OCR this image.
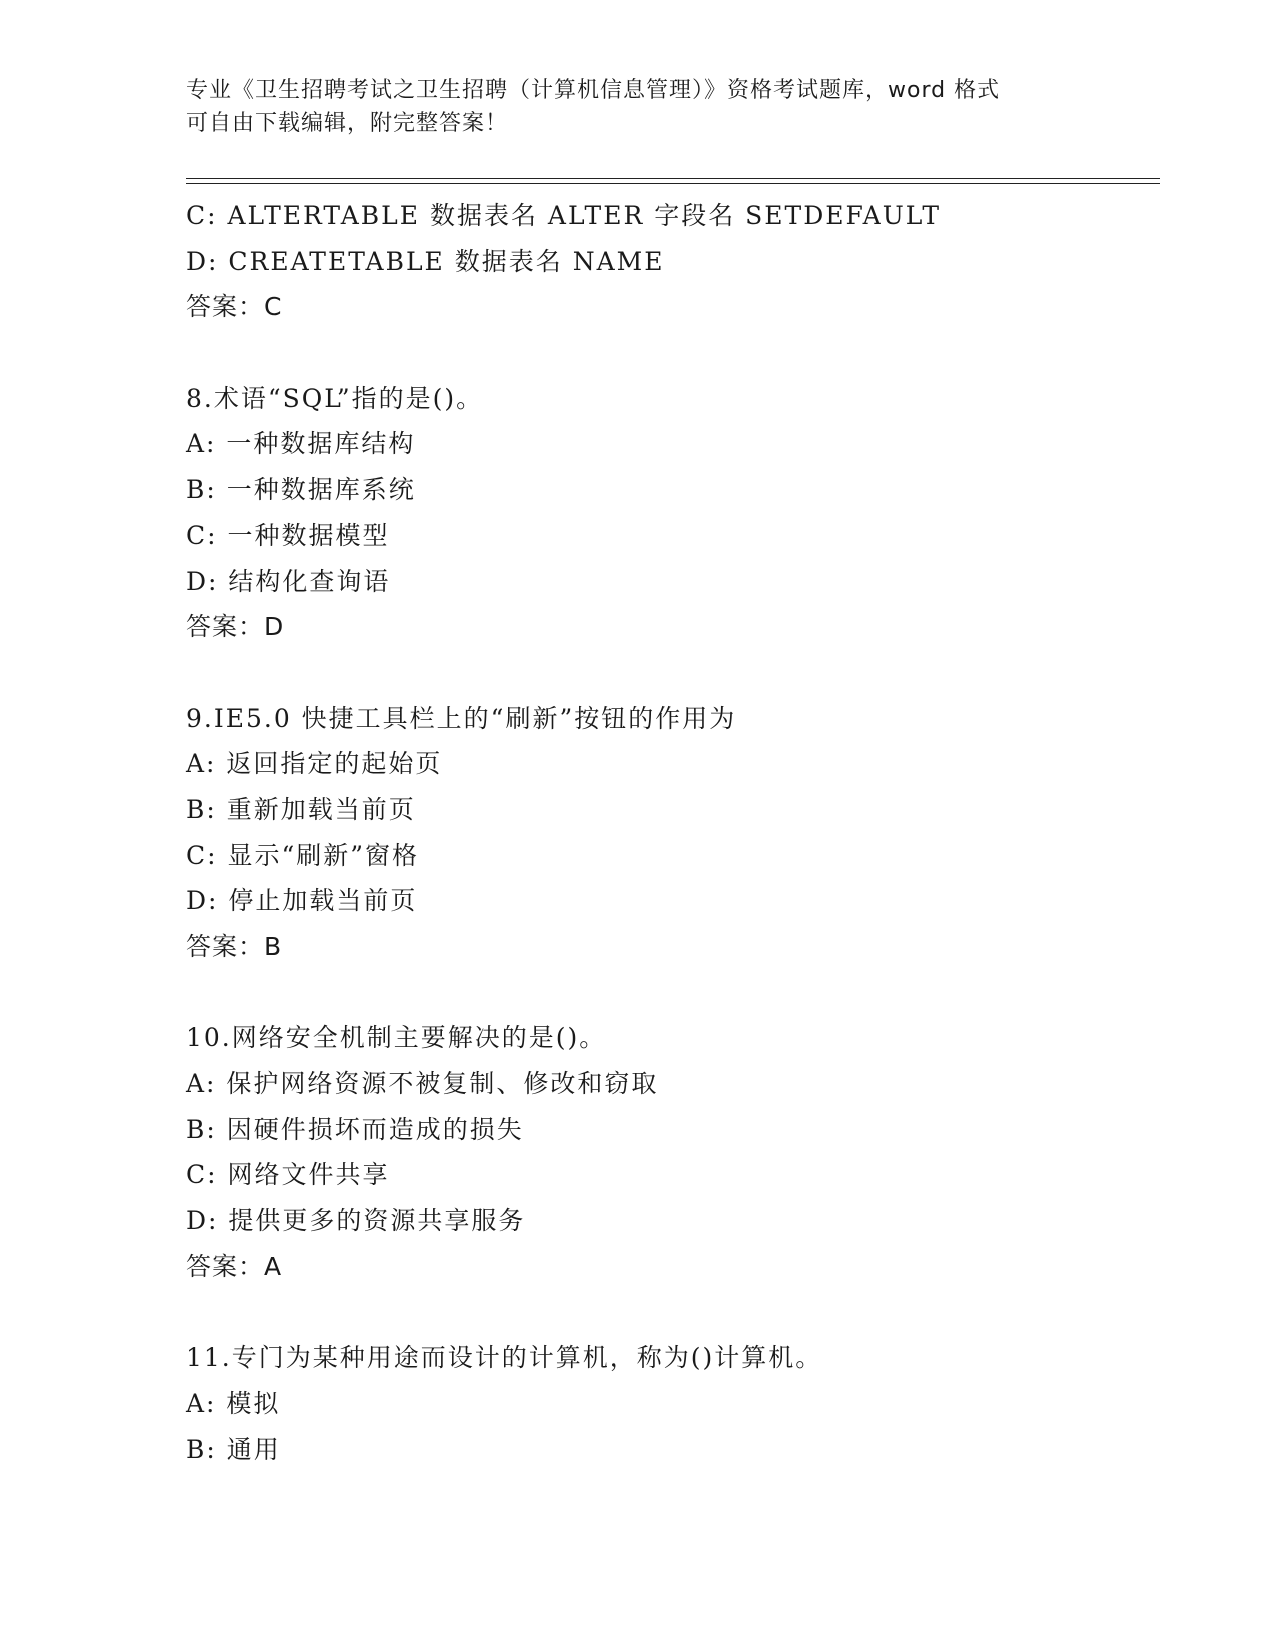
专业《卫生招聘考试之卫生招聘（计算机信息管理）》资格考试题库，word 格式
可自由下载编辑，附完整答案！
C: ALTERTABLE 数据表名 ALTER 字段名 SETDEFAULT
D: CREATETABLE 数据表名 NAME
答案：C
8.术语“SQL”指的是()。
A: 一种数据库结构
B: 一种数据库系统
C: 一种数据模型
D: 结构化查询语
答案：D
9.IE5.0 快捷工具栏上的“刷新”按钮的作用为
A: 返回指定的起始页
B: 重新加载当前页
C: 显示“刷新”窗格
D: 停止加载当前页
答案：B
10.网络安全机制主要解决的是()。
A: 保护网络资源不被复制、修改和窃取
B: 因硬件损坏而造成的损失
C: 网络文件共享
D: 提供更多的资源共享服务
答案：A
11.专门为某种用途而设计的计算机，称为()计算机。
A: 模拟
B: 通用
